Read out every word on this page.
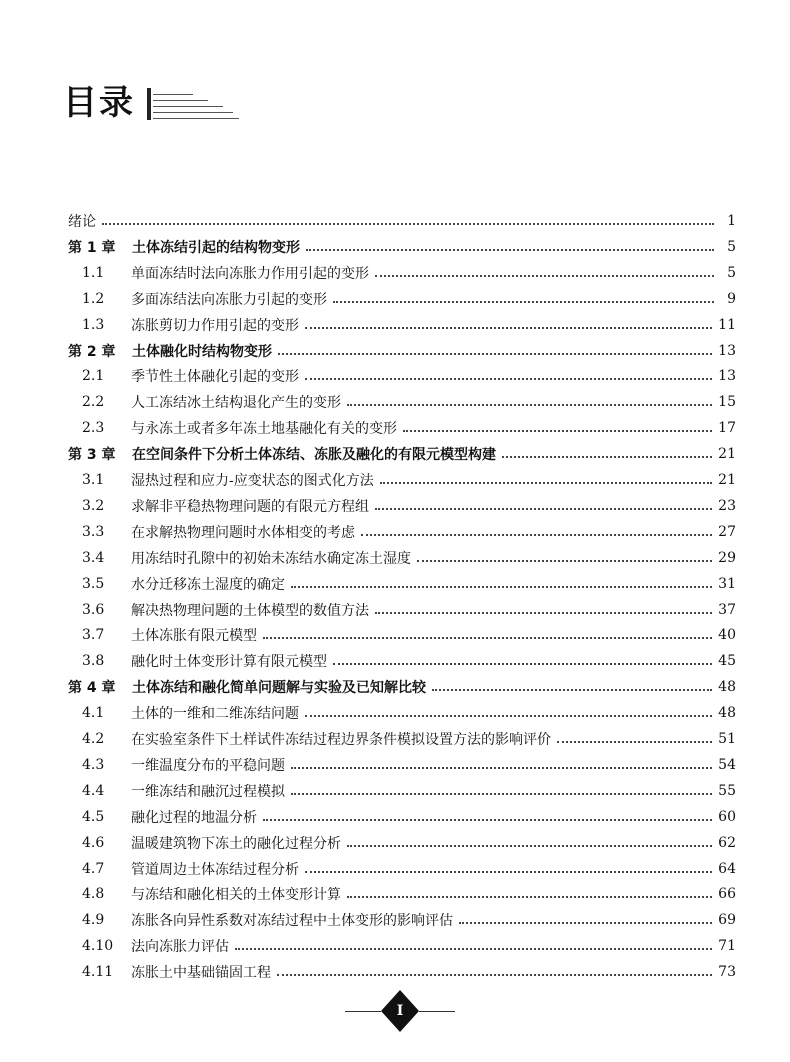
目录
绪论	1
第 1 章	土体冻结引起的结构物变形	5
1.1	单面冻结时法向冻胀力作用引起的变形	5
1.2	多面冻结法向冻胀力引起的变形	9
1.3	冻胀剪切力作用引起的变形	11
第 2 章	土体融化时结构物变形	13
2.1	季节性土体融化引起的变形	13
2.2	人工冻结冰土结构退化产生的变形	15
2.3	与永冻土或者多年冻土地基融化有关的变形	17
第 3 章	在空间条件下分析土体冻结、冻胀及融化的有限元模型构建	21
3.1	湿热过程和应力-应变状态的图式化方法	21
3.2	求解非平稳热物理问题的有限元方程组	23
3.3	在求解热物理问题时水体相变的考虑	27
3.4	用冻结时孔隙中的初始未冻结水确定冻土湿度	29
3.5	水分迁移冻土湿度的确定	31
3.6	解决热物理问题的土体模型的数值方法	37
3.7	土体冻胀有限元模型	40
3.8	融化时土体变形计算有限元模型	45
第 4 章	土体冻结和融化简单问题解与实验及已知解比较	48
4.1	土体的一维和二维冻结问题	48
4.2	在实验室条件下土样试件冻结过程边界条件模拟设置方法的影响评价	51
4.3	一维温度分布的平稳问题	54
4.4	一维冻结和融沉过程模拟	55
4.5	融化过程的地温分析	60
4.6	温暖建筑物下冻土的融化过程分析	62
4.7	管道周边土体冻结过程分析	64
4.8	与冻结和融化相关的土体变形计算	66
4.9	冻胀各向异性系数对冻结过程中土体变形的影响评估	69
4.10	法向冻胀力评估	71
4.11	冻胀土中基础锚固工程	73
I
